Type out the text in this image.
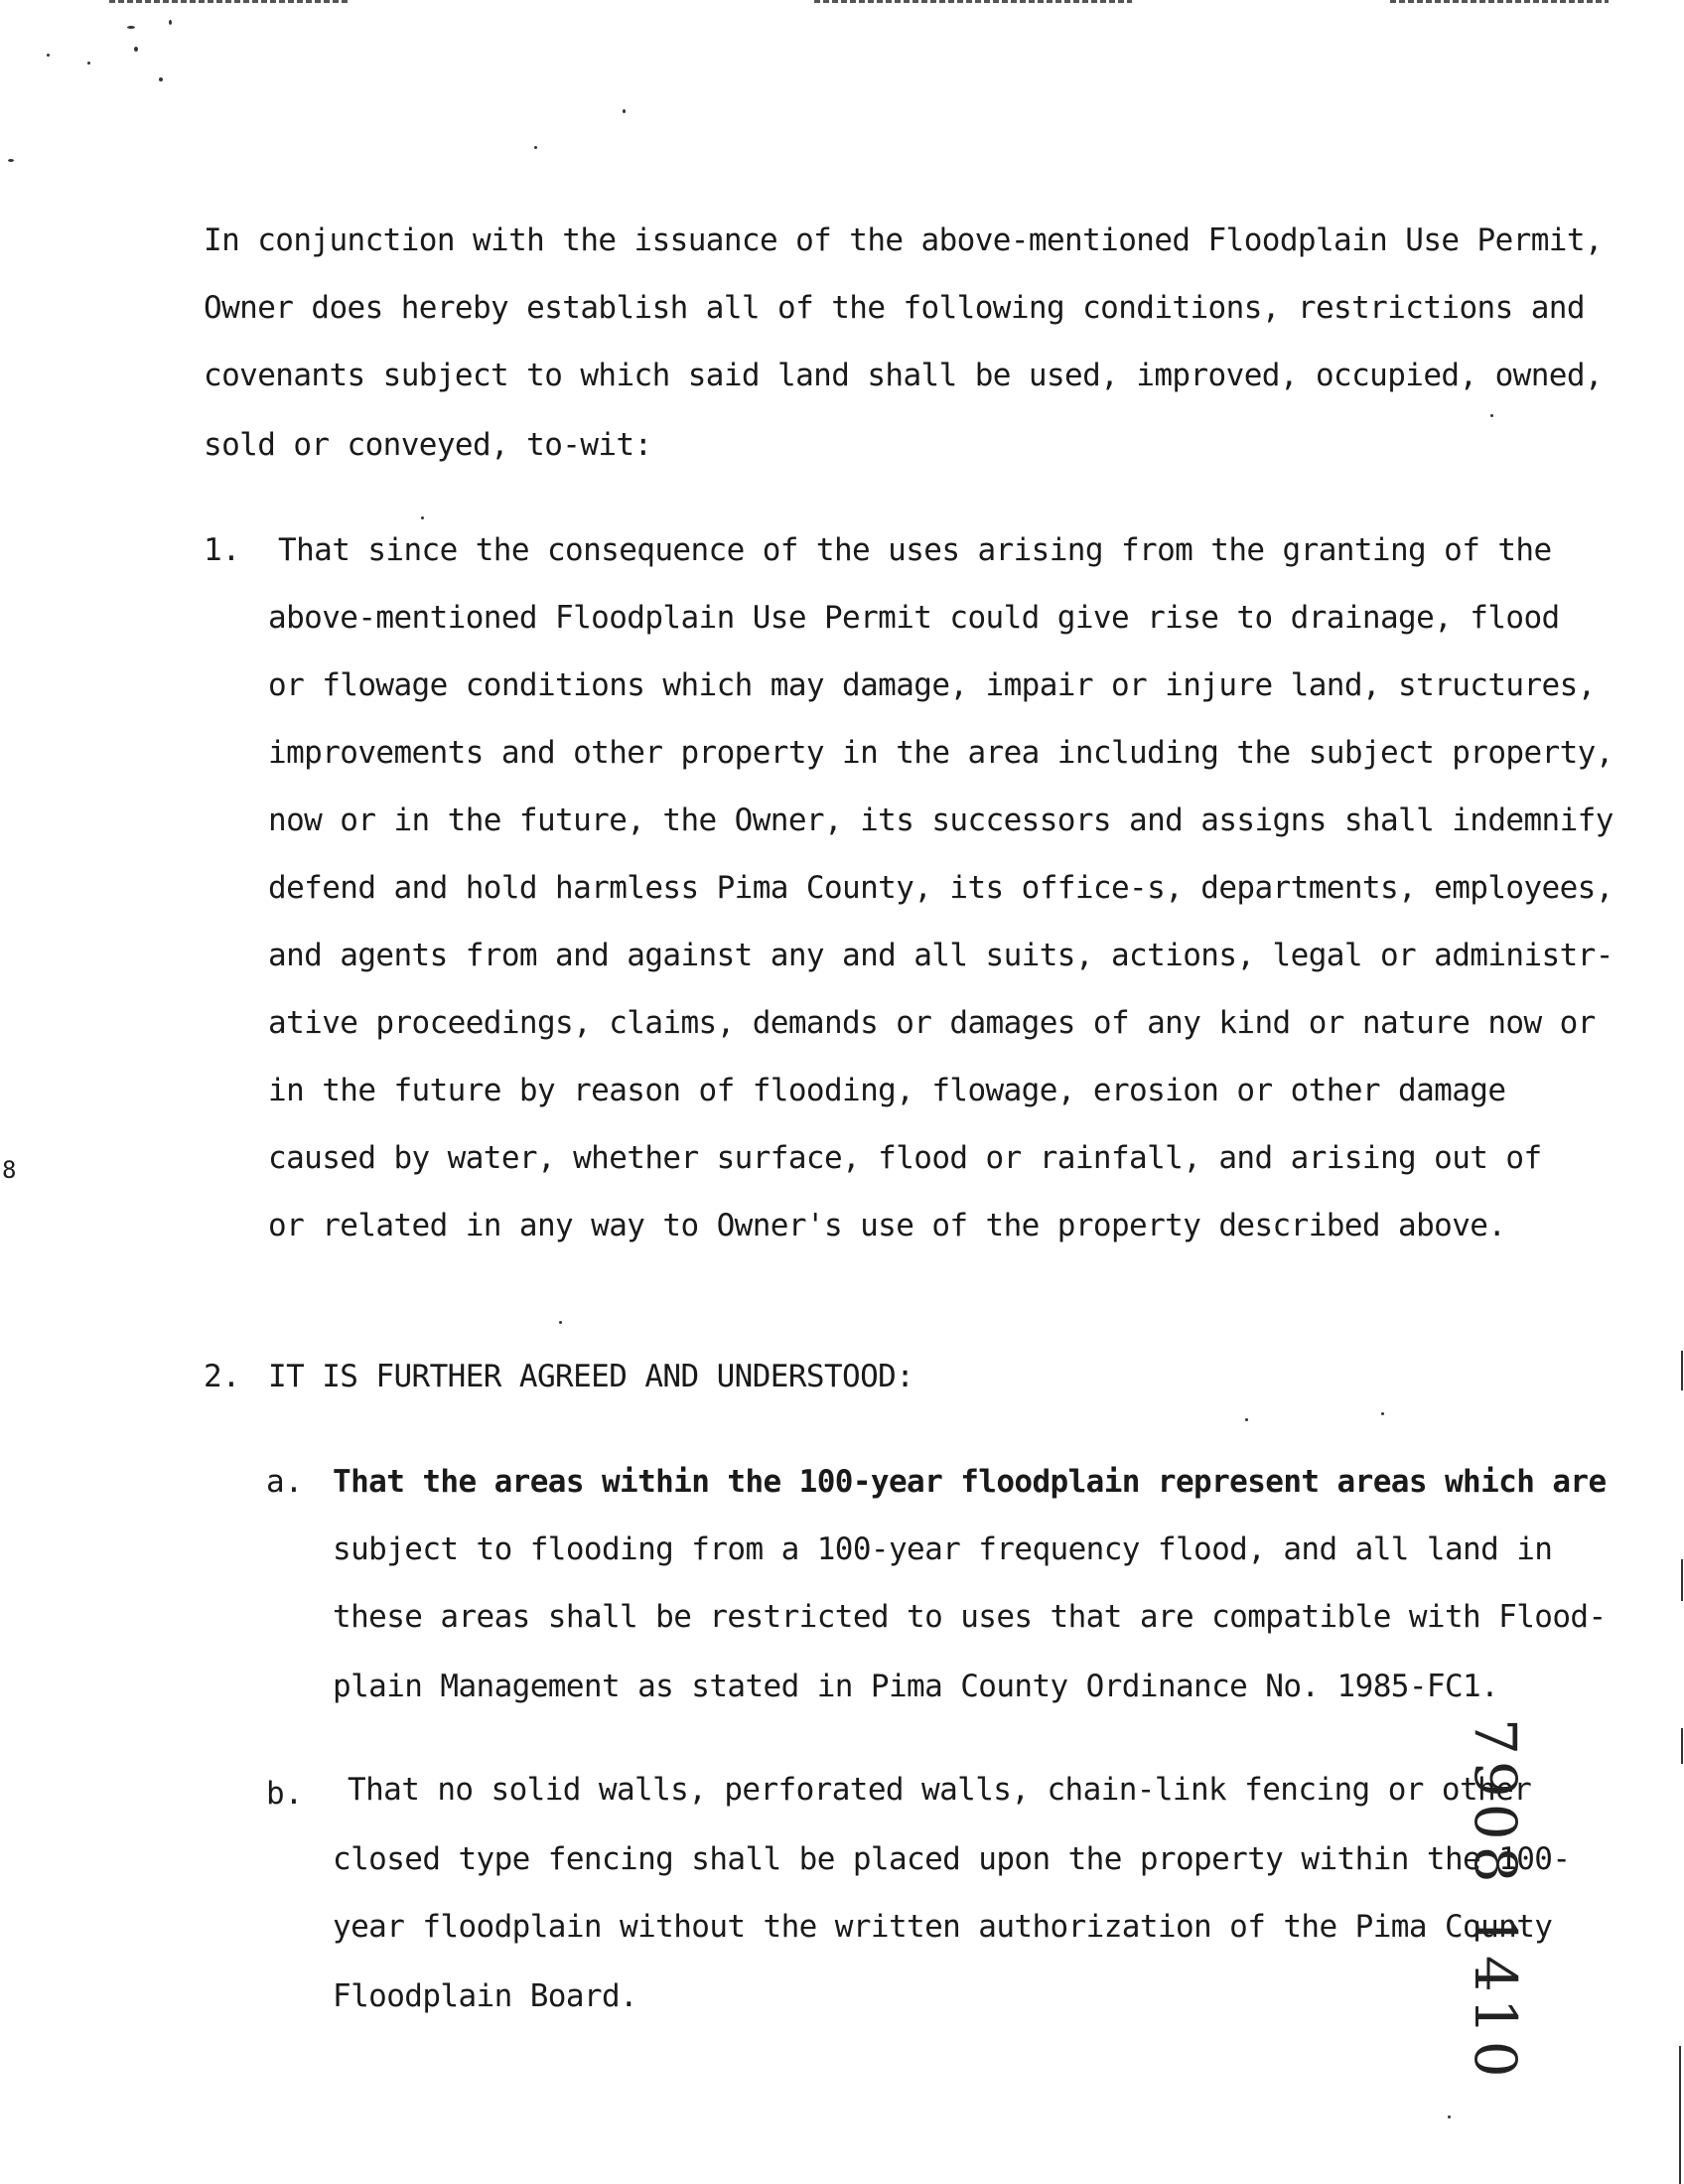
8
In conjunction with the issuance of the above-mentioned Floodplain Use Permit,
Owner does hereby establish all of the following conditions, restrictions and
covenants subject to which said land shall be used, improved, occupied, owned,
sold or conveyed, to-wit:
1. That since the consequence of the uses arising from the granting of the
above-mentioned Floodplain Use Permit could give rise to drainage, flood
or flowage conditions which may damage, impair or injure land, structures,
improvements and other property in the area including the subject property,
now or in the future, the Owner, its successors and assigns shall indemnify
defend and hold harmless Pima County, its office-s, departments, employees,
and agents from and against any and all suits, actions, legal or administr-
ative proceedings, claims, demands or damages of any kind or nature now or
in the future by reason of flooding, flowage, erosion or other damage
caused by water, whether surface, flood or rainfall, and arising out of
or related in any way to Owner's use of the property described above.
2. IT IS FURTHER AGREED AND UNDERSTOOD:
a. That the areas within the 100-year floodplain represent areas which are
subject to flooding from a 100-year frequency flood, and all land in
these areas shall be restricted to uses that are compatible with Flood-
plain Management as stated in Pima County Ordinance No. 1985-FC1.
b. That no solid walls, perforated walls, chain-link fencing or other
closed type fencing shall be placed upon the property within the 100-
year floodplain without the written authorization of the Pima County
Floodplain Board.	7908 1410
